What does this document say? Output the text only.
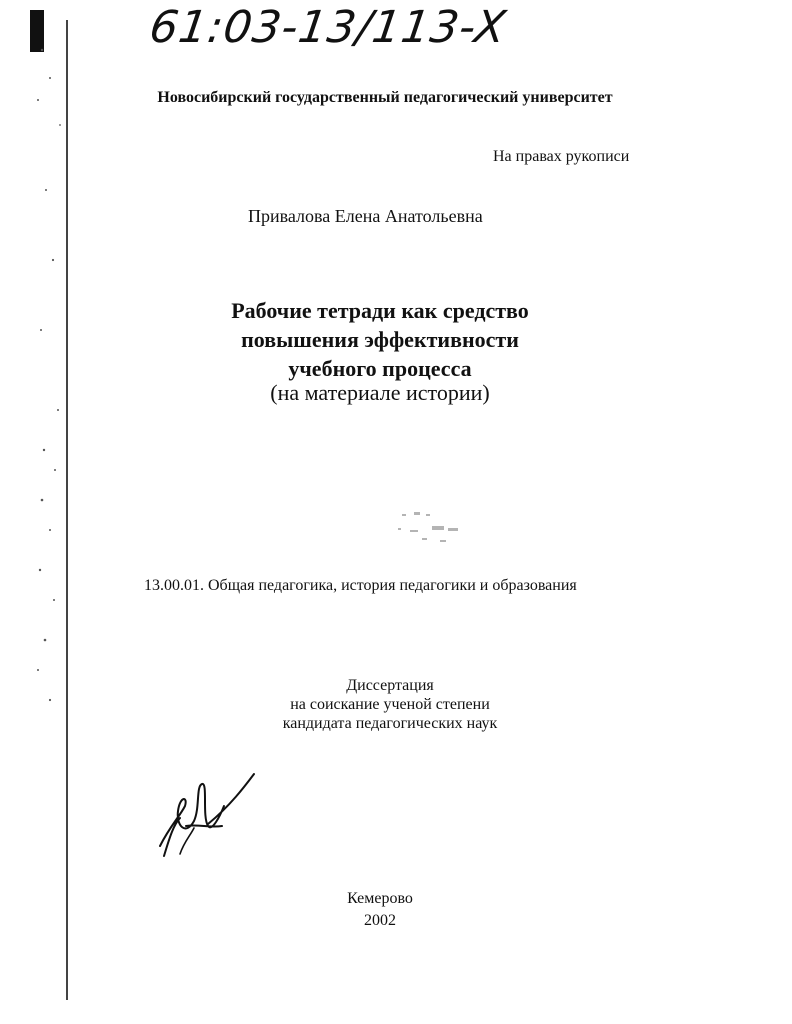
61:03-13/113-X
Новосибирский государственный педагогический университет
На правах рукописи
Привалова Елена Анатольевна
Рабочие тетради как средство
повышения эффективности
учебного процесса
(на материале истории)
13.00.01. Общая педагогика, история педагогики и образования
Диссертация
на соискание ученой степени
кандидата педагогических наук
Кемерово
2002
